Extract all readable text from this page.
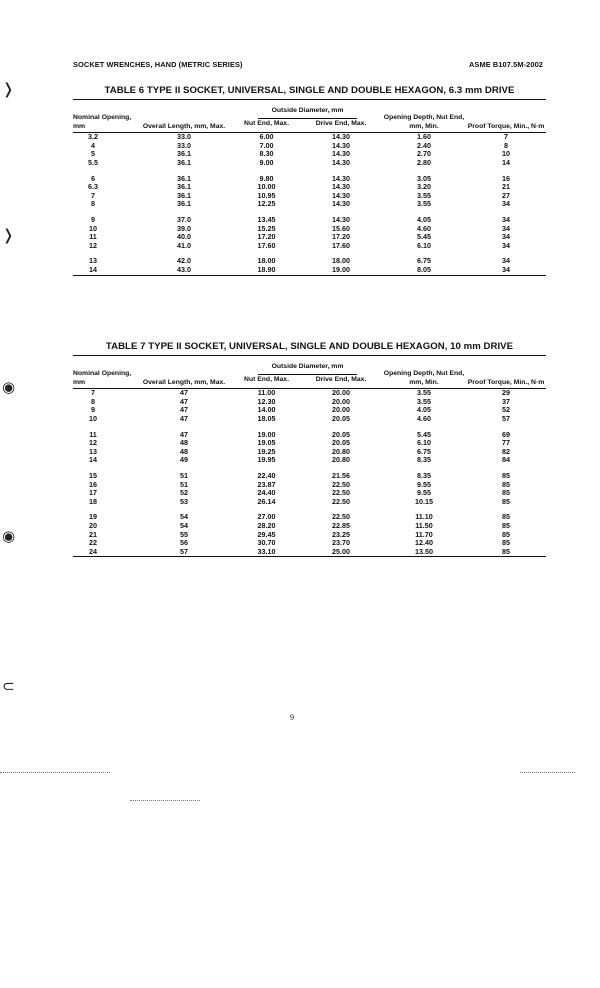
SOCKET WRENCHES, HAND (METRIC SERIES)	ASME B107.5M-2002
TABLE 6 TYPE II SOCKET, UNIVERSAL, SINGLE AND DOUBLE HEXAGON, 6.3 mm DRIVE
Nominal Opening, mm	Overall Length, mm, Max.	Outside Diameter, mm		Opening Depth, Nut End, mm, Min.	Proof Torque, Min., N·m
		Nut End, Max.	Drive End, Max.		

3.2	33.0	6.00	14.30	1.60	7
4	33.0	7.00	14.30	2.40	8
5	36.1	8.30	14.30	2.70	10
5.5	36.1	9.00	14.30	2.80	14

6	36.1	9.80	14.30	3.05	16
6.3	36.1	10.00	14.30	3.20	21
7	36.1	10.95	14.30	3.55	27
8	36.1	12.25	14.30	3.55	34

9	37.0	13.45	14.30	4.05	34
10	39.0	15.25	15.60	4.60	34
11	40.0	17.20	17.20	5.45	34
12	41.0	17.60	17.60	6.10	34

13	42.0	18.00	18.00	6.75	34
14	43.0	18.90	19.00	8.05	34
TABLE 7 TYPE II SOCKET, UNIVERSAL, SINGLE AND DOUBLE HEXAGON, 10 mm DRIVE
Nominal Opening, mm	Overall Length, mm, Max.	Outside Diameter, mm		Opening Depth, Nut End, mm, Min.	Proof Torque, Min., N·m
		Nut End, Max.	Drive End, Max.		

7	47	11.00	20.00	3.55	29
8	47	12.30	20.00	3.55	37
9	47	14.00	20.00	4.05	52
10	47	18.05	20.05	4.60	57

11	47	19.00	20.05	5.45	69
12	48	19.05	20.05	6.10	77
13	48	19.25	20.80	6.75	82
14	49	19.95	20.80	8.35	84

15	51	22.40	21.56	8.35	85
16	51	23.87	22.50	9.55	85
17	52	24.40	22.50	9.55	85
18	53	26.14	22.50	10.15	85

19	54	27.00	22.50	11.10	85
20	54	28.20	22.85	11.50	85
21	55	29.45	23.25	11.70	85
22	56	30.70	23.70	12.40	85
24	57	33.10	25.00	13.50	85
9
❭
❭
◉
◉
⊂
